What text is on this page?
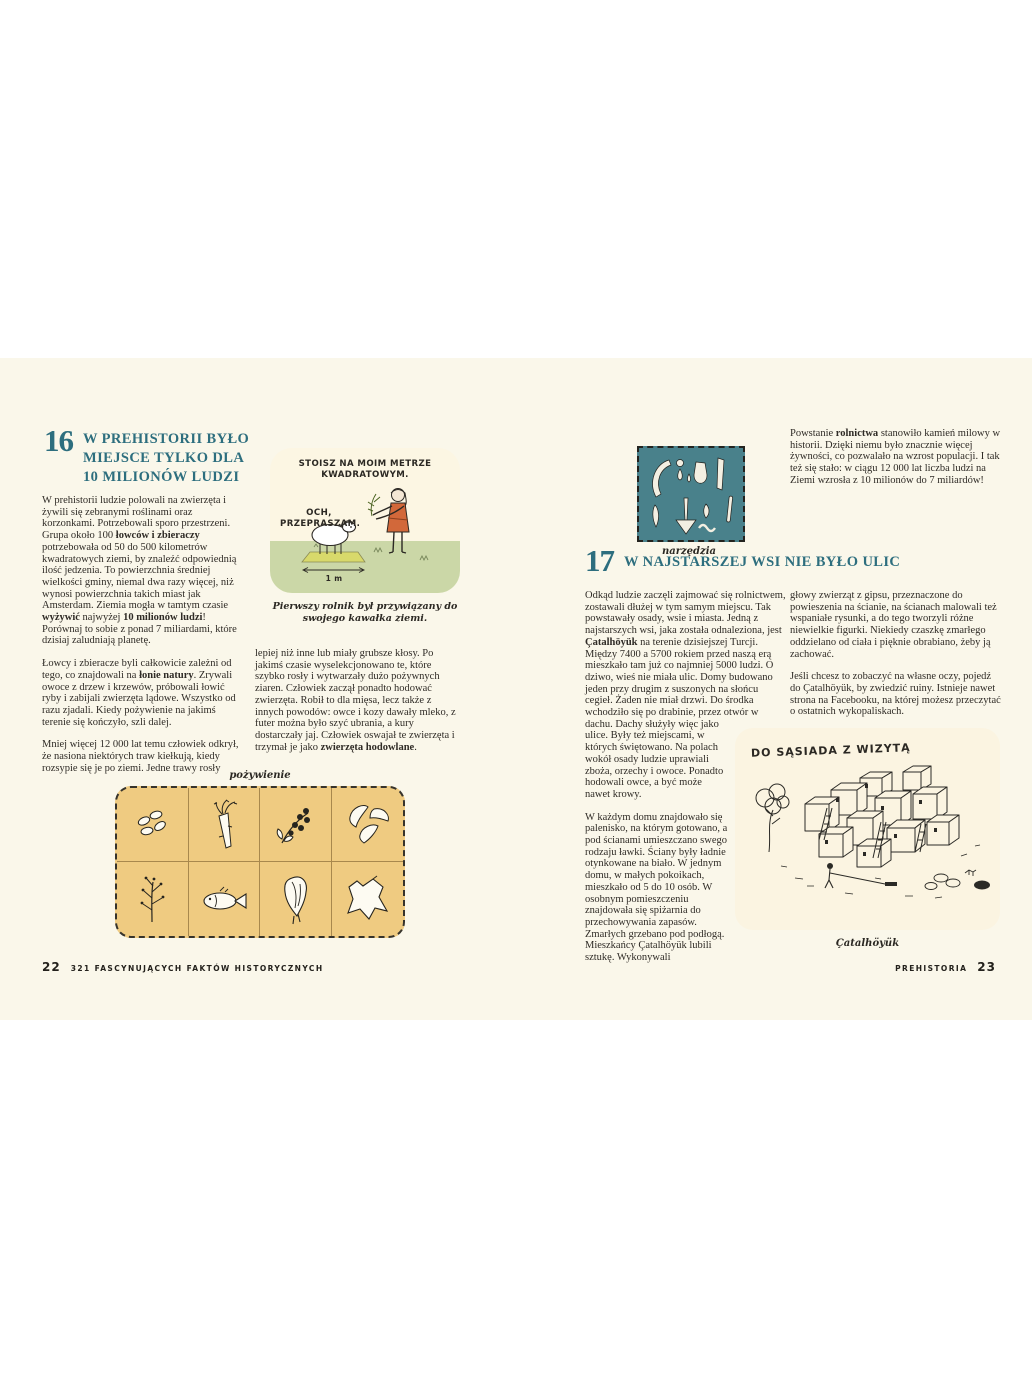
16 W PREHISTORII BYŁO
MIEJSCE TYLKO DLA
10 MILIONÓW LUDZI

W prehistorii ludzie polowali na zwierzęta i żywili się zebranymi roślinami oraz korzonkami. Potrzebowali sporo przestrzeni. Grupa około 100 łowców i zbieraczy potrzebowała od 50 do 500 kilometrów kwadratowych ziemi, by znaleźć odpowiednią ilość jedzenia. To powierzchnia średniej wielkości gminy, niemal dwa razy więcej, niż wynosi powierzchnia takich miast jak Amsterdam. Ziemia mogła w tamtym czasie wyżywić najwyżej 10 milionów ludzi! Porównaj to sobie z ponad 7 miliardami, które dzisiaj zaludniają planetę.

Łowcy i zbieracze byli całkowicie zależni od tego, co znajdowali na łonie natury. Zrywali owoce z drzew i krzewów, próbowali łowić ryby i zabijali zwierzęta lądowe. Wszystko od razu zjadali. Kiedy pożywienie na jakimś terenie się kończyło, szli dalej.

Mniej więcej 12 000 lat temu człowiek odkrył, że nasiona niektórych traw kiełkują, kiedy rozsypie się je po ziemi. Jedne trawy rosły

STOISZ NA MOIM METRZE KWADRATOWYM.
OCH, PRZEPRASZAM.
1 m
Pierwszy rolnik był przywiązany do swojego kawałka ziemi.

lepiej niż inne lub miały grubsze kłosy. Po jakimś czasie wyselekcjonowano te, które szybko rosły i wytwarzały dużo pożywnych ziaren. Człowiek zaczął ponadto hodować zwierzęta. Robił to dla mięsa, lecz także z innych powodów: owce i kozy dawały mleko, z futer można było szyć ubrania, a kury dostarczały jaj. Człowiek oswajał te zwierzęta i trzymał je jako zwierzęta hodowlane.

pożywienie
narzędzia

Powstanie rolnictwa stanowiło kamień milowy w historii. Dzięki niemu było znacznie więcej żywności, co pozwalało na wzrost populacji. I tak też się stało: w ciągu 12 000 lat liczba ludzi na Ziemi wzrosła z 10 milionów do 7 miliardów!

17 W NAJSTARSZEJ WSI NIE BYŁO ULIC

Odkąd ludzie zaczęli zajmować się rolnictwem, zostawali dłużej w tym samym miejscu. Tak powstawały osady, wsie i miasta. Jedną z najstarszych wsi, jaka została odnaleziona, jest Çatalhöyük na terenie dzisiejszej Turcji. Między 7400 a 5700 rokiem przed naszą erą mieszkało tam już co najmniej 5000 ludzi. O dziwo, wieś nie miała ulic. Domy budowano jeden przy drugim z suszonych na słońcu cegieł. Żaden nie miał drzwi. Do środka wchodziło się po drabinie, przez otwór w dachu. Dachy służyły więc jako ulice. Były też miejscami, w których świętowano. Na polach wokół osady ludzie uprawiali zboża, orzechy i owoce. Ponadto hodowali owce, a być może nawet krowy.

W każdym domu znajdowało się palenisko, na którym gotowano, a pod ścianami umieszczano swego rodzaju ławki. Ściany były ładnie otynkowane na biało. W jednym domu, w małych pokoikach, mieszkało od 5 do 10 osób. W osobnym pomieszczeniu znajdowała się spiżarnia do przechowywania zapasów. Zmarłych grzebano pod podłogą. Mieszkańcy Çatalhöyük lubili sztukę. Wykonywali

głowy zwierząt z gipsu, przeznaczone do powieszenia na ścianie, na ścianach malowali też wspaniałe rysunki, a do tego tworzyli różne niewielkie figurki. Niekiedy czaszkę zmarłego oddzielano od ciała i pięknie obrabiano, żeby ją zachować.

Jeśli chcesz to zobaczyć na własne oczy, pojedź do Çatalhöyük, by zwiedzić ruiny. Istnieje nawet strona na Facebooku, na której możesz przeczytać o ostatnich wykopaliskach.

DO SĄSIADA Z WIZYTĄ
Çatalhöyük
22 321 FASCYNUJĄCYCH FAKTÓW HISTORYCZNYCH	PREHISTORIA 23
